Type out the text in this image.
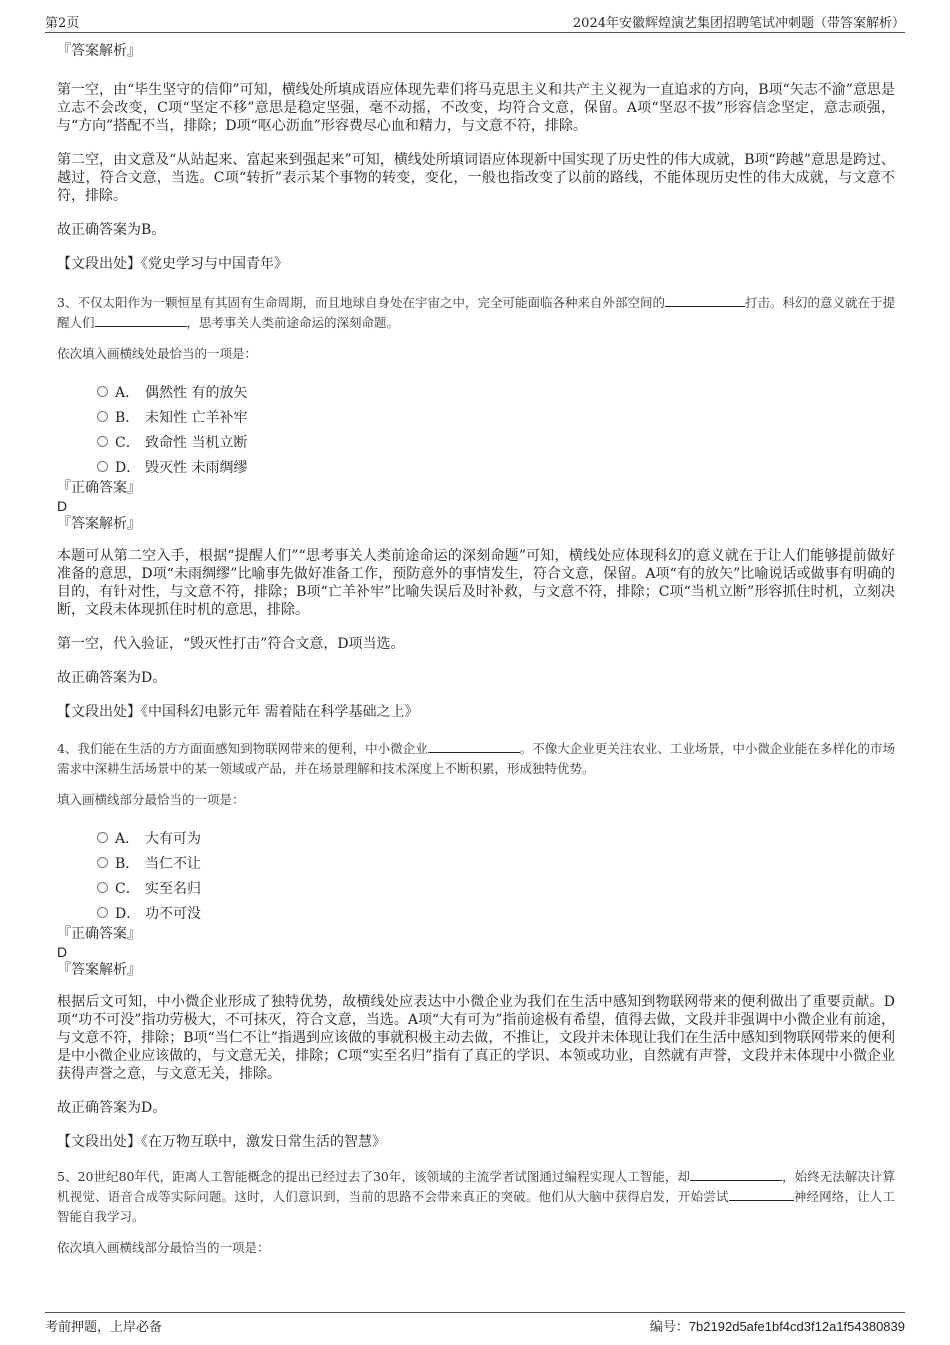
第2页	2024年安徽辉煌演艺集团招聘笔试冲刺题（带答案解析）

『答案解析』

第一空，由“毕生坚守的信仰”可知，横线处所填成语应体现先辈们将马克思主义和共产主义视为一直追求的方向，B项“矢志不渝”意思是立志不会改变，C项“坚定不移”意思是稳定坚强，毫不动摇，不改变，均符合文意，保留。A项“坚忍不拔”形容信念坚定，意志顽强，与“方向”搭配不当，排除；D项“呕心沥血”形容费尽心血和精力，与文意不符，排除。

第二空，由文意及“从站起来、富起来到强起来”可知，横线处所填词语应体现新中国实现了历史性的伟大成就，B项“跨越”意思是跨过、越过，符合文意，当选。C项“转折”表示某个事物的转变，变化，一般也指改变了以前的路线，不能体现历史性的伟大成就，与文意不符，排除。

故正确答案为B。

【文段出处】《党史学习与中国青年》

3、不仅太阳作为一颗恒星有其固有生命周期，而且地球自身处在宇宙之中，完全可能面临各种来自外部空间的	打击。科幻的意义就在于提醒人们	，思考事关人类前途命运的深刻命题。

依次填入画横线处最恰当的一项是：

A． 偶然性 有的放矢
B． 未知性 亡羊补牢
C． 致命性 当机立断
D． 毁灭性 未雨绸缪

『正确答案』

D

『答案解析』

本题可从第二空入手，根据“提醒人们”“思考事关人类前途命运的深刻命题”可知，横线处应体现科幻的意义就在于让人们能够提前做好准备的意思，D项“未雨绸缪”比喻事先做好准备工作，预防意外的事情发生，符合文意，保留。A项“有的放矢”比喻说话或做事有明确的目的，有针对性，与文意不符，排除；B项“亡羊补牢”比喻失误后及时补救，与文意不符，排除；C项“当机立断”形容抓住时机，立刻决断，文段未体现抓住时机的意思，排除。

第一空，代入验证，“毁灭性打击”符合文意，D项当选。

故正确答案为D。

【文段出处】《中国科幻电影元年 需着陆在科学基础之上》

4、我们能在生活的方方面面感知到物联网带来的便利，中小微企业	。不像大企业更关注农业、工业场景，中小微企业能在多样化的市场需求中深耕生活场景中的某一领域或产品，并在场景理解和技术深度上不断积累，形成独特优势。

填入画横线部分最恰当的一项是：

A． 大有可为
B． 当仁不让
C． 实至名归
D． 功不可没

『正确答案』

D

『答案解析』

根据后文可知，中小微企业形成了独特优势，故横线处应表达中小微企业为我们在生活中感知到物联网带来的便利做出了重要贡献。D项“功不可没”指功劳极大，不可抹灭，符合文意，当选。A项“大有可为”指前途极有希望，值得去做，文段并非强调中小微企业有前途，与文意不符，排除；B项“当仁不让”指遇到应该做的事就积极主动去做，不推让，文段并未体现让我们在生活中感知到物联网带来的便利是中小微企业应该做的，与文意无关，排除；C项“实至名归”指有了真正的学识、本领或功业，自然就有声誉，文段并未体现中小微企业获得声誉之意，与文意无关，排除。

故正确答案为D。

【文段出处】《在万物互联中，激发日常生活的智慧》

5、20世纪80年代，距离人工智能概念的提出已经过去了30年，该领域的主流学者试图通过编程实现人工智能，却	，始终无法解决计算机视觉、语音合成等实际问题。这时，人们意识到，当前的思路不会带来真正的突破。他们从大脑中获得启发，开始尝试	神经网络，让人工智能自我学习。

依次填入画横线部分最恰当的一项是：

考前押题，上岸必备	编号：7b2192d5afe1bf4cd3f12a1f54380839
